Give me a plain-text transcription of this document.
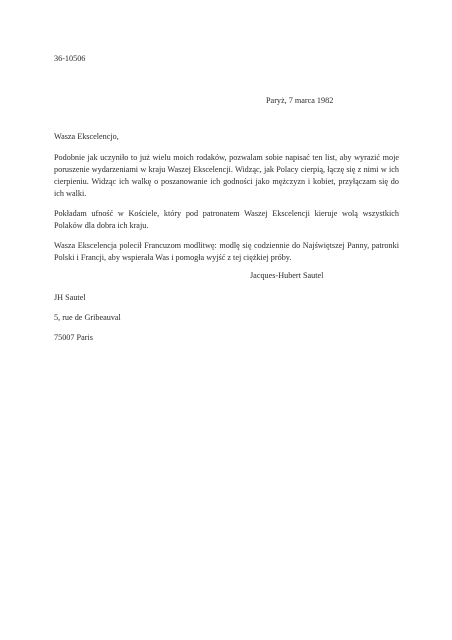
36-10506

Paryż, 7 marca 1982

Wasza Ekscelencjo,

Podobnie jak uczyniło to już wielu moich rodaków, pozwalam sobie napisać ten list, aby wyrazić moje poruszenie wydarzeniami w kraju Waszej Ekscelencji. Widząc, jak Polacy cierpią, łączę się z nimi w ich cierpieniu. Widząc ich walkę o poszanowanie ich godności jako mężczyzn i kobiet, przyłączam się do ich walki.

Pokładam ufność w Kościele, który pod patronatem Waszej Ekscelencji kieruje wolą wszystkich Polaków dla dobra ich kraju.

Wasza Ekscelencja polecił Francuzom modlitwę: modlę się codziennie do Najświętszej Panny, patronki Polski i Francji, aby wspierała Was i pomogła wyjść z tej ciężkiej próby.

Jacques-Hubert Sautel

JH Sautel

5, rue de Gribeauval

75007 Paris
